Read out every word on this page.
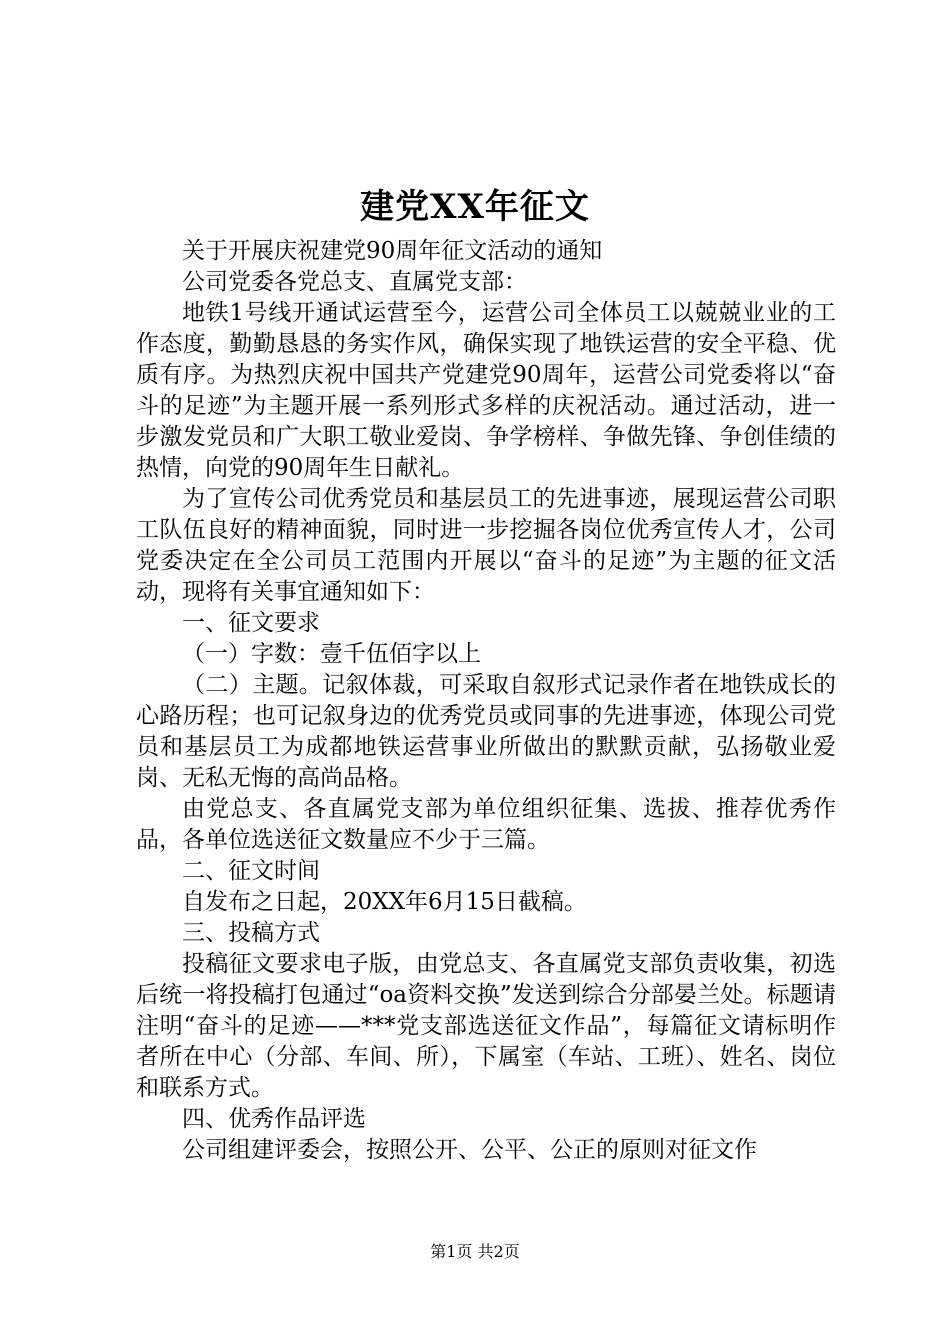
建党XX年征文

关于开展庆祝建党90周年征文活动的通知

公司党委各党总支、直属党支部：

地铁1号线开通试运营至今，运营公司全体员工以兢兢业业的工作态度，勤勤恳恳的务实作风，确保实现了地铁运营的安全平稳、优质有序。为热烈庆祝中国共产党建党90周年，运营公司党委将以“奋斗的足迹”为主题开展一系列形式多样的庆祝活动。通过活动，进一步激发党员和广大职工敬业爱岗、争学榜样、争做先锋、争创佳绩的热情，向党的90周年生日献礼。

为了宣传公司优秀党员和基层员工的先进事迹，展现运营公司职工队伍良好的精神面貌，同时进一步挖掘各岗位优秀宣传人才，公司党委决定在全公司员工范围内开展以“奋斗的足迹”为主题的征文活动，现将有关事宜通知如下：

一、征文要求

（一）字数：壹千伍佰字以上

（二）主题。记叙体裁，可采取自叙形式记录作者在地铁成长的心路历程；也可记叙身边的优秀党员或同事的先进事迹，体现公司党员和基层员工为成都地铁运营事业所做出的默默贡献，弘扬敬业爱岗、无私无悔的高尚品格。

由党总支、各直属党支部为单位组织征集、选拔、推荐优秀作品，各单位选送征文数量应不少于三篇。

二、征文时间

自发布之日起，20XX年6月15日截稿。

三、投稿方式

投稿征文要求电子版，由党总支、各直属党支部负责收集，初选后统一将投稿打包通过“oa资料交换”发送到综合分部晏兰处。标题请注明“奋斗的足迹——***党支部选送征文作品”，每篇征文请标明作者所在中心（分部、车间、所），下属室（车站、工班）、姓名、岗位和联系方式。

四、优秀作品评选

公司组建评委会，按照公开、公平、公正的原则对征文作

第1页 共2页
